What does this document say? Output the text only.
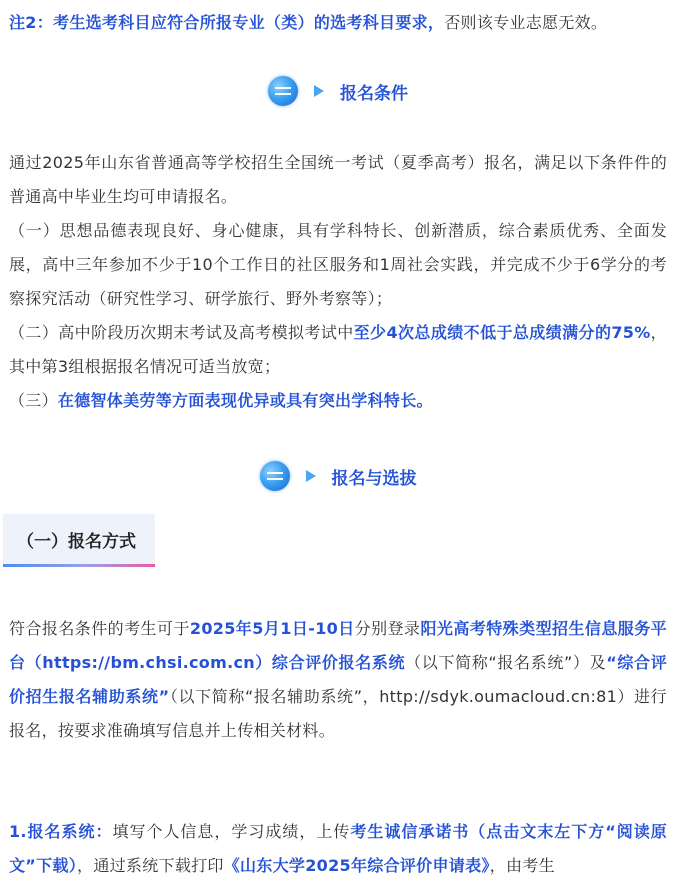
注2：考生选考科目应符合所报专业（类）的选考科目要求，否则该专业志愿无效。
报名条件

通过2025年山东省普通高等学校招生全国统一考试（夏季高考）报名，满足以下条件件的普通高中毕业生均可申请报名。

（一）思想品德表现良好、身心健康，具有学科特长、创新潜质，综合素质优秀、全面发展，高中三年参加不少于10个工作日的社区服务和1周社会实践，并完成不少于6学分的考察探究活动（研究性学习、研学旅行、野外考察等）；

（二）高中阶段历次期末考试及高考模拟考试中至少4次总成绩不低于总成绩满分的75%，其中第3组根据报名情况可适当放宽；

（三）在德智体美劳等方面表现优异或具有突出学科特长。

报名与选拔
（一）报名方式

符合报名条件的考生可于2025年5月1日-10日分别登录阳光高考特殊类型招生信息服务平台（https://bm.chsi.com.cn）综合评价报名系统（以下简称“报名系统”）及“综合评价招生报名辅助系统”（以下简称“报名辅助系统”，http://sdyk.oumacloud.cn:81）进行报名，按要求准确填写信息并上传相关材料。

1.报名系统：填写个人信息，学习成绩，上传考生诚信承诺书（点击文末左下方“阅读原文”下载），通过系统下载打印《山东大学2025年综合评价申请表》，由考生
